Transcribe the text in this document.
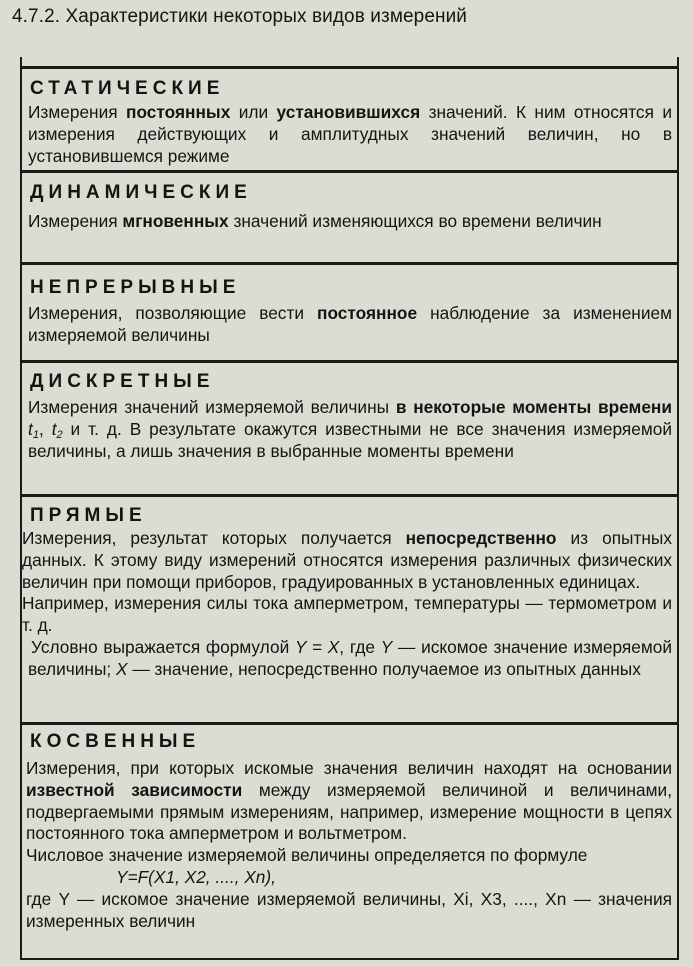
4.7.2. Характеристики некоторых видов измерений
СТАТИЧЕСКИЕ
Измерения постоянных или установившихся значений. К ним относятся и измерения действующих и амплитудных значений величин, но в установившемся режиме
ДИНАМИЧЕСКИЕ
Измерения мгновенных значений изменяющихся во времени величин
НЕПРЕРЫВНЫЕ
Измерения, позволяющие вести постоянное наблюдение за изменением измеряемой величины
ДИСКРЕТНЫЕ
Измерения значений измеряемой величины в некоторые моменты времени $t_1$, $t_2$ и т. д. В результате окажутся известными не все значения измеряемой величины, а лишь значения в выбранные моменты времени
ПРЯМЫЕ

Измерения, результат которых получается непосредственно из опытных данных. К этому виду измерений относятся измерения различных физических величин при помощи приборов, градуированных в установленных единицах.

Например, измерения силы тока амперметром, температуры — термометром и т. д.

Условно выражается формулой Y = X, где Y — искомое значение измеряемой величины; X — значение, непосредственно получаемое из опытных данных

КОСВЕННЫЕ

Измерения, при которых искомые значения величин находят на основании известной зависимости между измеряемой величиной и величинами, подвергаемыми прямым измерениям, например, измерение мощности в цепях постоянного тока амперметром и вольтметром.

Числовое значение измеряемой величины определяется по формулеY=F(X1, X2, ...., Xn),

где Y — искомое значение измеряемой величины, Xi, X3, ...., Xn — значения измеренных величин
